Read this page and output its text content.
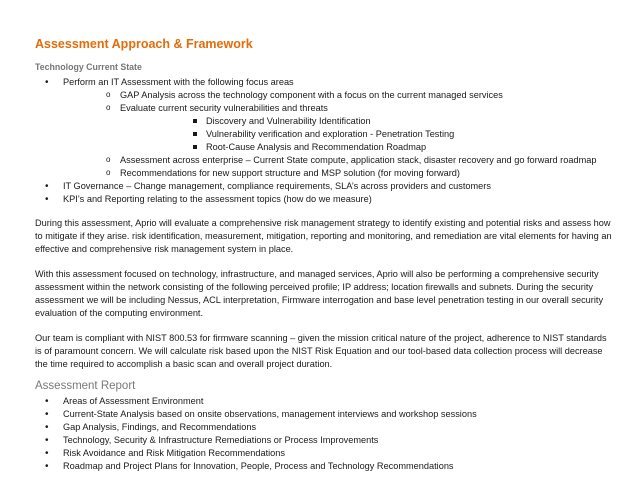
Assessment Approach & Framework
Technology Current State
• Perform an IT Assessment with the following focus areas
o GAP Analysis across the technology component with a focus on the current managed services
o Evaluate current security vulnerabilities and threats
Discovery and Vulnerability Identification
Vulnerability verification and exploration - Penetration Testing
Root-Cause Analysis and Recommendation Roadmap
o Assessment across enterprise – Current State compute, application stack, disaster recovery and go forward roadmap
o Recommendations for new support structure and MSP solution (for moving forward)
• IT Governance – Change management, compliance requirements, SLA’s across providers and customers
• KPI’s and Reporting relating to the assessment topics (how do we measure)

During this assessment, Aprio will evaluate a comprehensive risk management strategy to identify existing and potential risks and assess how to mitigate if they arise. risk identification, measurement, mitigation, reporting and monitoring, and remediation are vital elements for having an effective and comprehensive risk management system in place.

With this assessment focused on technology, infrastructure, and managed services, Aprio will also be performing a comprehensive security assessment within the network consisting of the following perceived profile; IP address; location firewalls and subnets. During the security assessment we will be including Nessus, ACL interpretation, Firmware interrogation and base level penetration testing in our overall security evaluation of the computing environment.

Our team is compliant with NIST 800.53 for firmware scanning – given the mission critical nature of the project, adherence to NIST standards is of paramount concern. We will calculate risk based upon the NIST Risk Equation and our tool-based data collection process will decrease the time required to accomplish a basic scan and overall project duration.

Assessment Report
• Areas of Assessment Environment
• Current-State Analysis based on onsite observations, management interviews and workshop sessions
• Gap Analysis, Findings, and Recommendations
• Technology, Security & Infrastructure Remediations or Process Improvements
• Risk Avoidance and Risk Mitigation Recommendations
• Roadmap and Project Plans for Innovation, People, Process and Technology Recommendations
